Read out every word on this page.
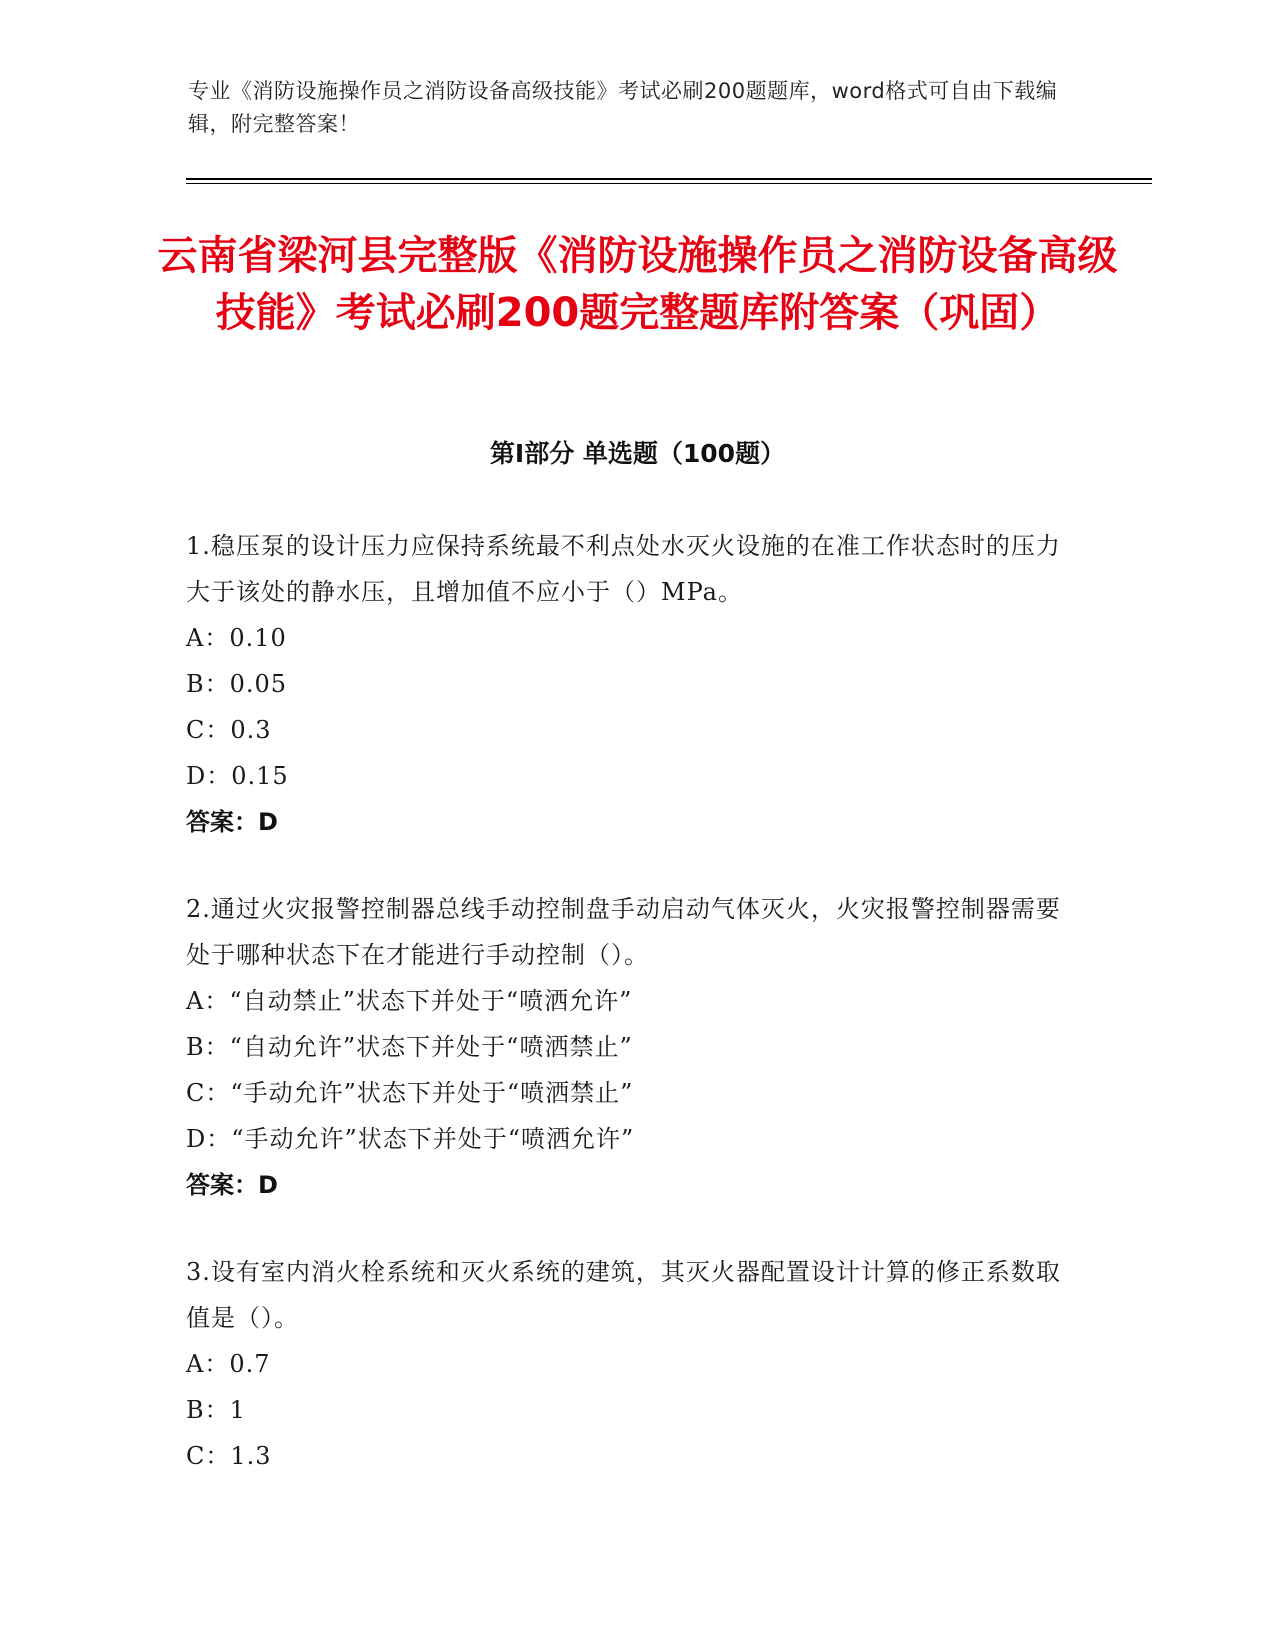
专业《消防设施操作员之消防设备高级技能》考试必刷200题题库，word格式可自由下载编辑，附完整答案！
云南省梁河县完整版《消防设施操作员之消防设备高级技能》考试必刷200题完整题库附答案（巩固）
第Ⅰ部分 单选题（100题）
1.稳压泵的设计压力应保持系统最不利点处水灭火设施的在准工作状态时的压力大于该处的静水压，且增加值不应小于（）MPa。
A：0.10
B：0.05
C：0.3
D：0.15
答案：D
2.通过火灾报警控制器总线手动控制盘手动启动气体灭火，火灾报警控制器需要处于哪种状态下在才能进行手动控制（）。
A：“自动禁止”状态下并处于“喷洒允许”
B：“自动允许”状态下并处于“喷洒禁止”
C：“手动允许”状态下并处于“喷洒禁止”
D：“手动允许”状态下并处于“喷洒允许”
答案：D
3.设有室内消火栓系统和灭火系统的建筑，其灭火器配置设计计算的修正系数取值是（）。
A：0.7
B：1
C：1.3
